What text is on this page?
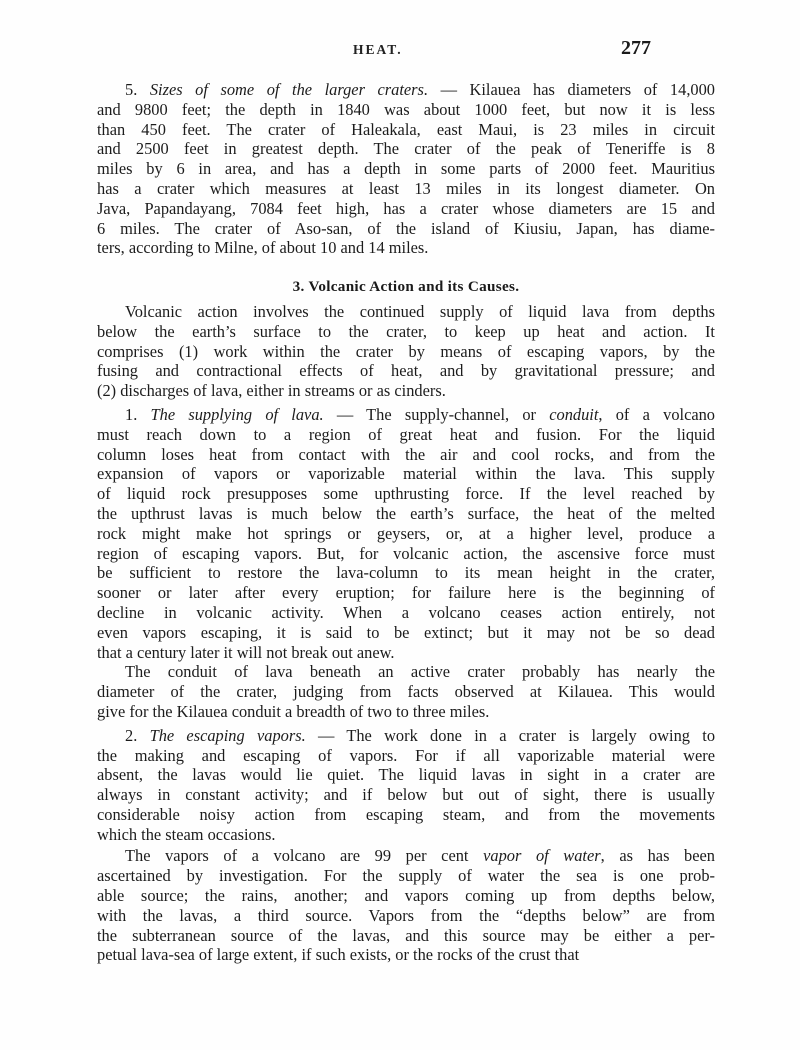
HEAT.	277
5. Sizes of some of the larger craters. — Kilauea has diameters of 14,000
and 9800 feet; the depth in 1840 was about 1000 feet, but now it is less
than 450 feet. The crater of Haleakala, east Maui, is 23 miles in circuit
and 2500 feet in greatest depth. The crater of the peak of Teneriffe is 8
miles by 6 in area, and has a depth in some parts of 2000 feet. Mauritius
has a crater which measures at least 13 miles in its longest diameter. On
Java, Papandayang, 7084 feet high, has a crater whose diameters are 15 and
6 miles. The crater of Aso-san, of the island of Kiusiu, Japan, has diame-
ters, according to Milne, of about 10 and 14 miles.
3. Volcanic Action and its Causes.
Volcanic action involves the continued supply of liquid lava from depths
below the earth’s surface to the crater, to keep up heat and action. It
comprises (1) work within the crater by means of escaping vapors, by the
fusing and contractional effects of heat, and by gravitational pressure; and
(2) discharges of lava, either in streams or as cinders.
1. The supplying of lava. — The supply-channel, or conduit, of a volcano
must reach down to a region of great heat and fusion. For the liquid
column loses heat from contact with the air and cool rocks, and from the
expansion of vapors or vaporizable material within the lava. This supply
of liquid rock presupposes some upthrusting force. If the level reached by
the upthrust lavas is much below the earth’s surface, the heat of the melted
rock might make hot springs or geysers, or, at a higher level, produce a
region of escaping vapors. But, for volcanic action, the ascensive force must
be sufficient to restore the lava-column to its mean height in the crater,
sooner or later after every eruption; for failure here is the beginning of
decline in volcanic activity. When a volcano ceases action entirely, not
even vapors escaping, it is said to be extinct; but it may not be so dead
that a century later it will not break out anew.
The conduit of lava beneath an active crater probably has nearly the
diameter of the crater, judging from facts observed at Kilauea. This would
give for the Kilauea conduit a breadth of two to three miles.
2. The escaping vapors. — The work done in a crater is largely owing to
the making and escaping of vapors. For if all vaporizable material were
absent, the lavas would lie quiet. The liquid lavas in sight in a crater are
always in constant activity; and if below but out of sight, there is usually
considerable noisy action from escaping steam, and from the movements
which the steam occasions.
The vapors of a volcano are 99 per cent vapor of water, as has been
ascertained by investigation. For the supply of water the sea is one prob-
able source; the rains, another; and vapors coming up from depths below,
with the lavas, a third source. Vapors from the “depths below” are from
the subterranean source of the lavas, and this source may be either a per-
petual lava-sea of large extent, if such exists, or the rocks of the crust that
